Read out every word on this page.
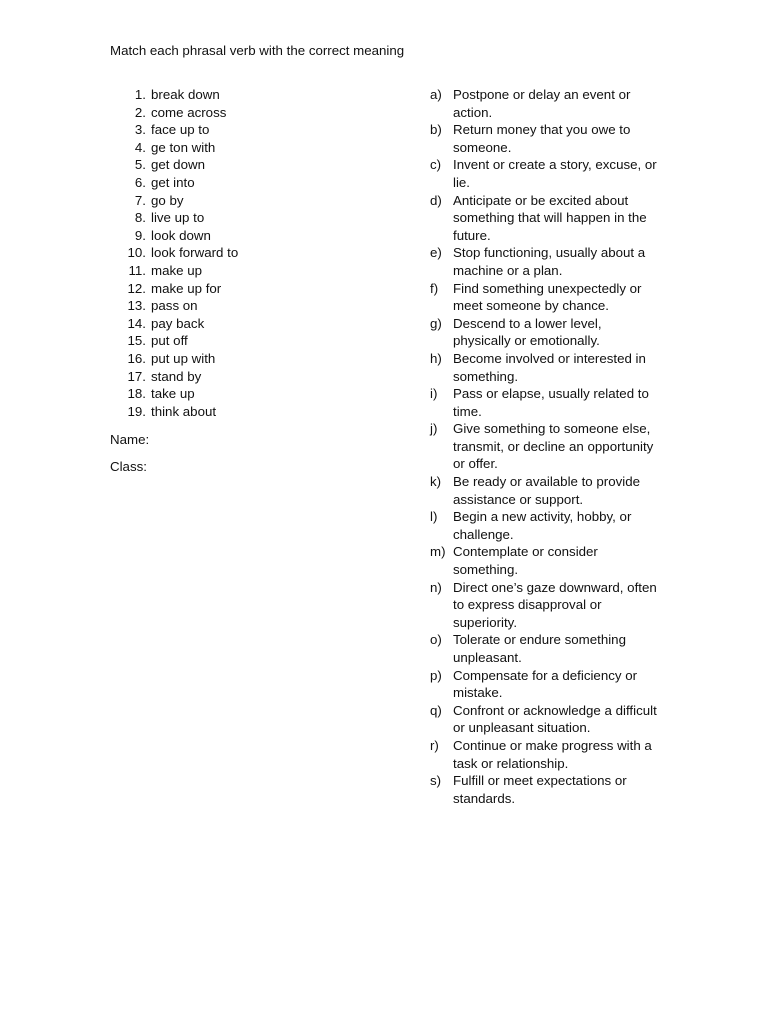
Match each phrasal verb with the correct meaning
1. break down
2. come across
3. face up to
4. ge ton with
5. get down
6. get into
7. go by
8. live up to
9. look down
10. look forward to
11. make up
12. make up for
13. pass on
14. pay back
15. put off
16. put up with
17. stand by
18. take up
19. think about
Name:
Class:
a) Postpone or delay an event or action.
b) Return money that you owe to someone.
c) Invent or create a story, excuse, or lie.
d) Anticipate or be excited about something that will happen in the future.
e) Stop functioning, usually about a machine or a plan.
f)	Find something unexpectedly or meet someone by chance.
g) Descend to a lower level, physically or emotionally.
h) Become involved or interested in something.
i)	Pass or elapse, usually related to time.
j)	Give something to someone else, transmit, or decline an opportunity or offer.
k) Be ready or available to provide assistance or support.
l)	Begin a new activity, hobby, or challenge.
m) Contemplate or consider something.
n) Direct one’s gaze downward, often to express disapproval or superiority.
o) Tolerate or endure something unpleasant.
p) Compensate for a deficiency or mistake.
q) Confront or acknowledge a difficult or unpleasant situation.
r)	Continue or make progress with a task or relationship.
s) Fulfill or meet expectations or standards.
